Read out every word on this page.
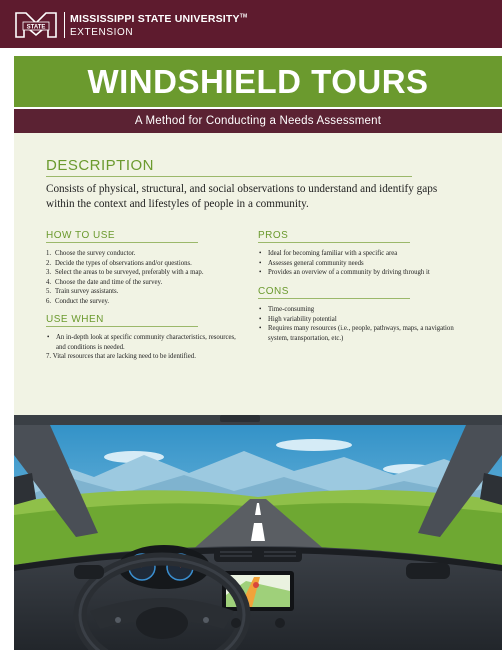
STATE
MISSISSIPPI STATE UNIVERSITY™
EXTENSION
WINDSHIELD TOURS
A Method for Conducting a Needs Assessment
DESCRIPTION

Consists of physical, structural, and social observations to understand and identify gaps within the context and lifestyles of people in a community.

HOW TO USE
1. Choose the survey conductor.
2. Decide the types of observations and/or questions.
3. Select the areas to be surveyed, preferably with a map.
4. Choose the date and time of the survey.
5. Train survey assistants.
6. Conduct the survey.
USE WHEN
• An in-depth look at specific community characteristics, resources, and conditions is needed.
7. Vital resources that are lacking need to be identified.
PROS
• Ideal for becoming familiar with a specific area
• Assesses general community needs
• Provides an overview of a community by driving through it
CONS
• Time-consuming
• High variability potential
• Requires many resources (i.e., people, pathways, maps, a navigation system, transportation, etc.)
